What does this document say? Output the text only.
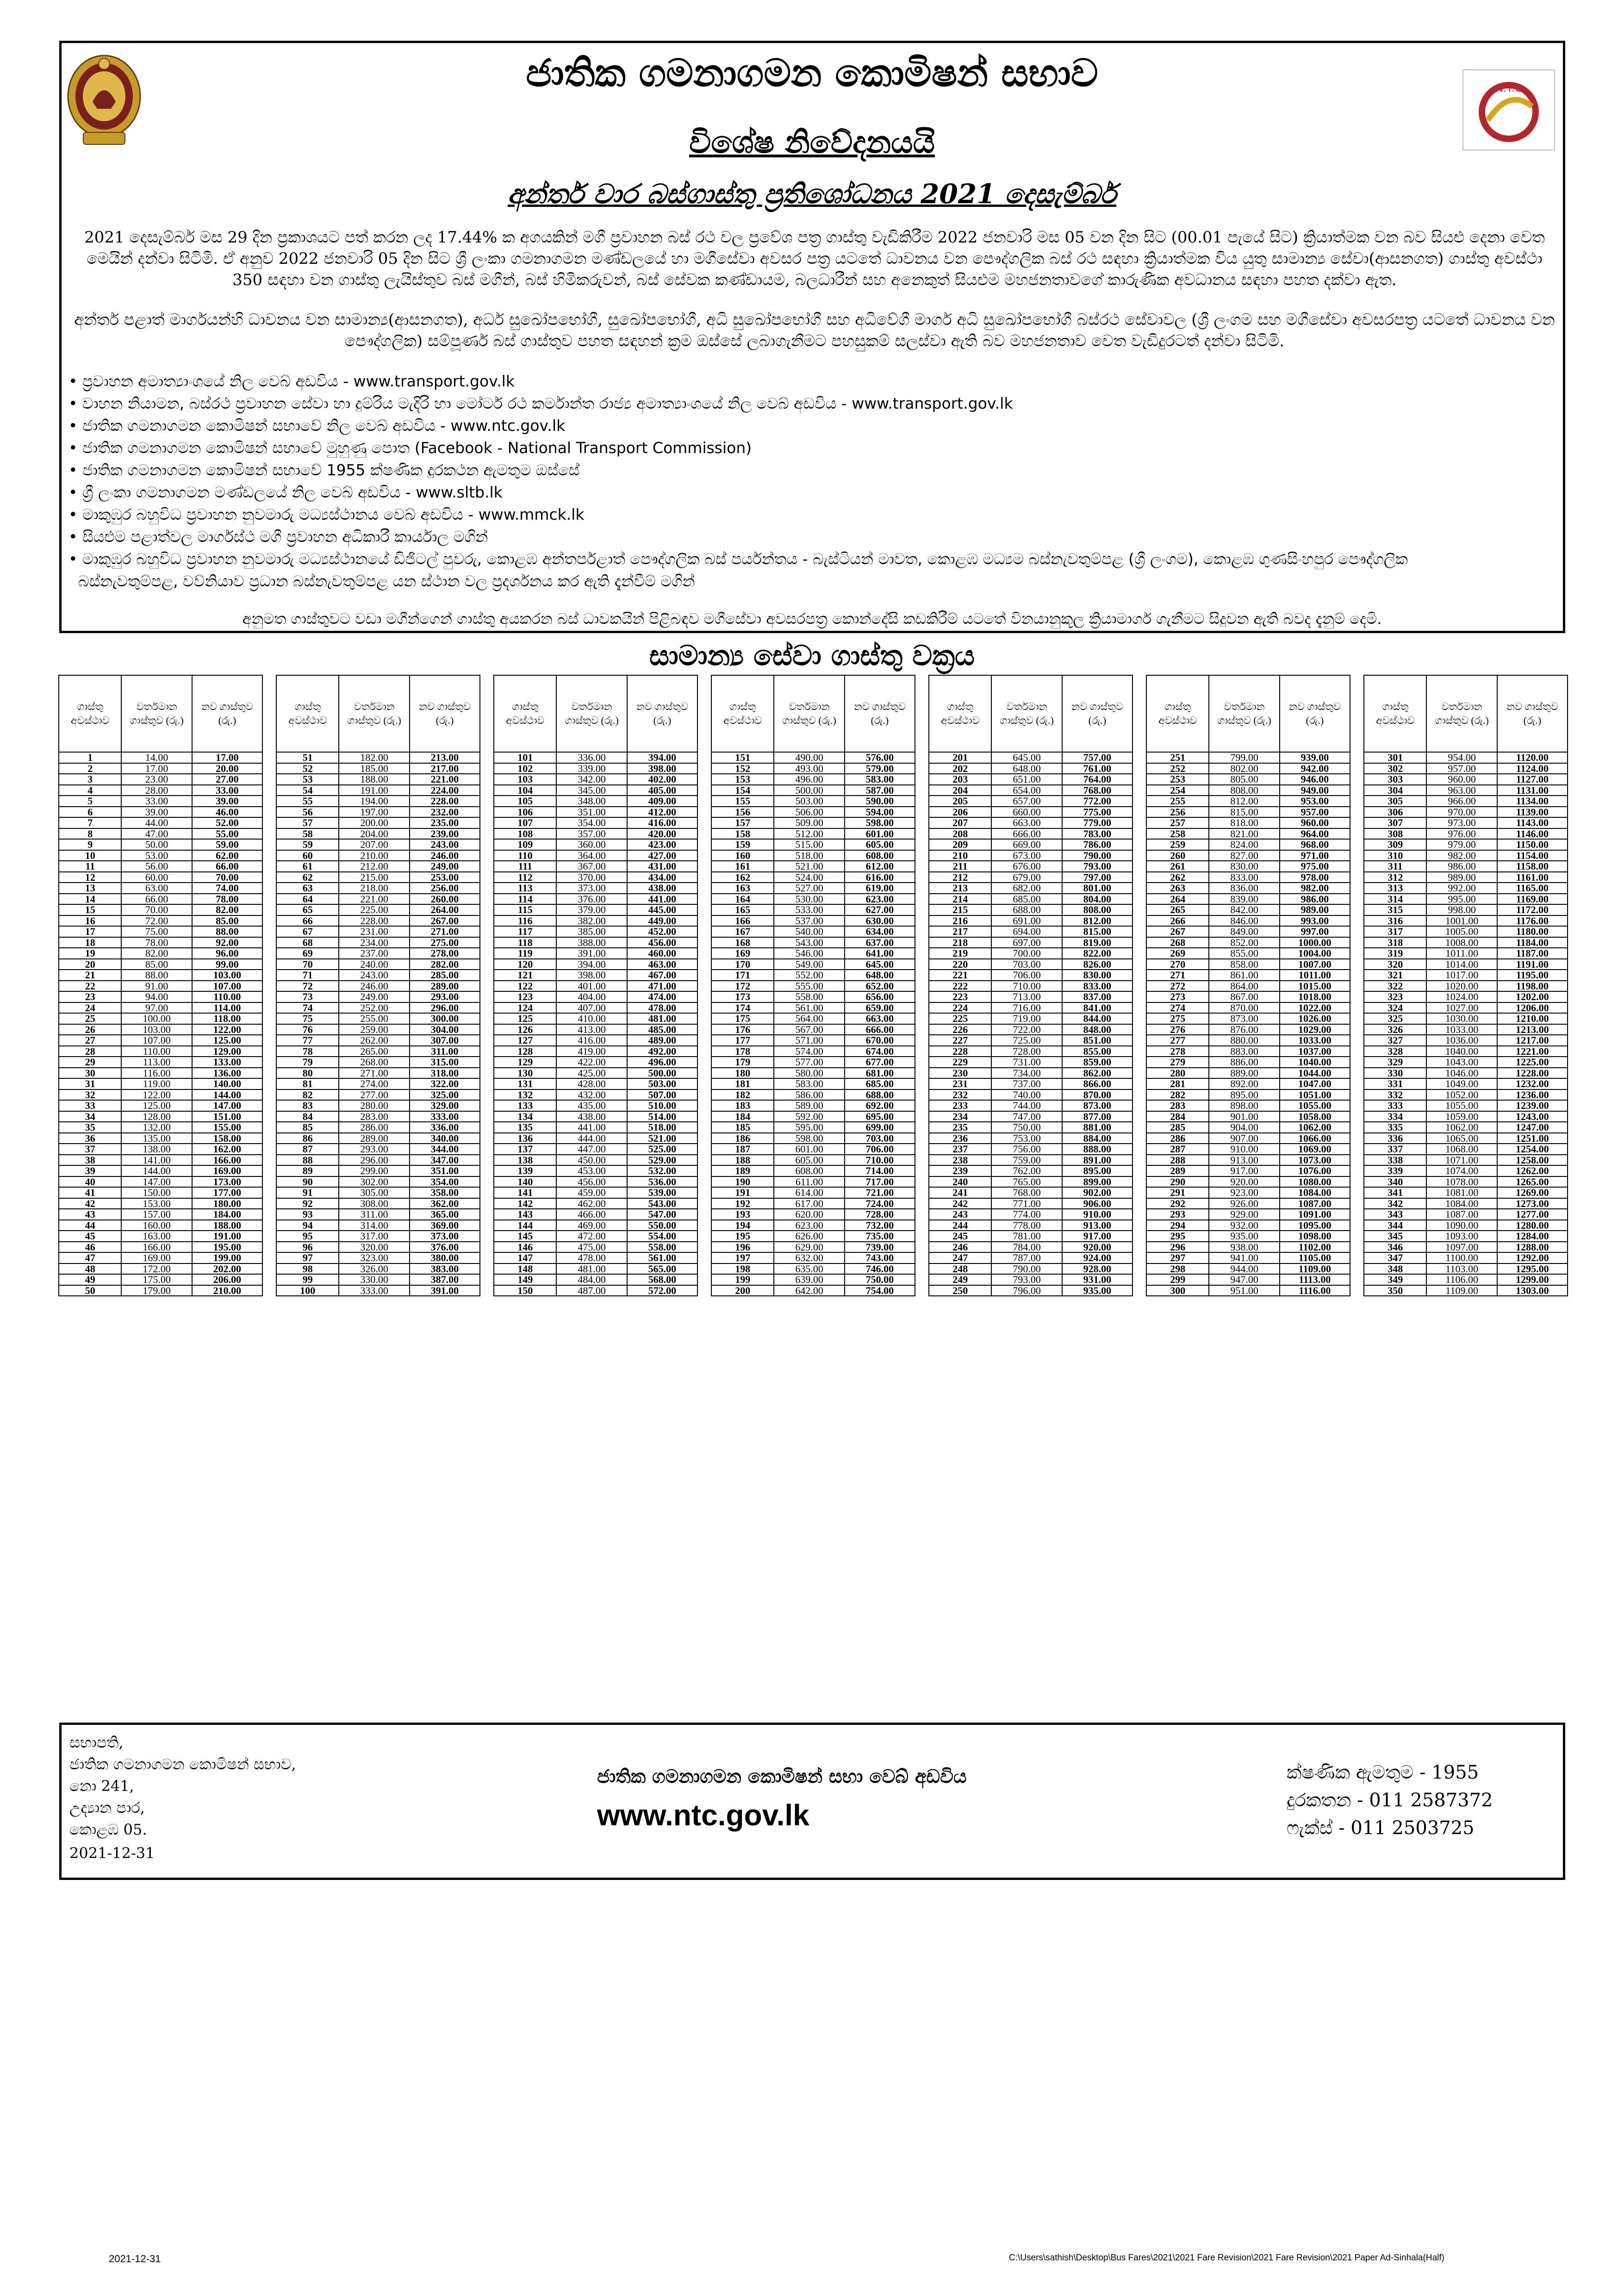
N.T.C
ජාතික ගමනාගමන කොමිෂන් සභාව
විශේෂ නිවේදනයයි
අන්තර් වාර බස්ගාස්තු ප්‍රතිශෝධනය 2021 දෙසැම්බර්
2021 දෙසැම්බර් මස 29 දින ප්‍රකාශයට පත් කරන ලද 17.44% ක අගයකින් මගී ප්‍රවාහන බස් රථ වල ප්‍රවේශ පත්‍ර ගාස්තු වැඩිකිරීම 2022 ජනවාරි මස 05 වන දින සිට (00.01 පැයේ සිට) ක්‍රියාත්මක වන බව සියළු දෙනා වෙත මෙයින් දන්වා සිටිමි. ඒ අනුව 2022 ජනවාරි 05 දින සිට ශ්‍රී ලංකා ගමනාගමන මණ්ඩලයේ හා මගීසේවා අවසර පත්‍ර යටතේ ධාවනය වන පෞද්ගලික බස් රථ සඳහා ක්‍රියාත්මක විය යුතු සාමාන්‍ය සේවා(ආසනගත) ගාස්තු අවස්ථා 350 සඳහා වන ගාස්තු ලැයිස්තුව බස් මගීන්, බස් හිමිකරුවන්, බස් සේවක කණ්ඩායම, බලධාරීන් සහ අනෙකුත් සියළුම මහජනතාවගේ කාරුණික අවධානය සඳහා පහත දක්වා ඇත.
අන්තර් පළාත් මාර්ගයන්හි ධාවනය වන සාමාන්‍ය(ආසනගත), අර්ධ සුඛෝපභෝගී, සුඛෝපභෝගී, අධි සුඛෝපභෝගී සහ අධිවේගී මාර්ග අධි සුඛෝපභෝගී බස්රථ සේවාවල (ශ්‍රී ලංගම සහ මගීසේවා අවසරපත්‍ර යටතේ ධාවනය වන පෞද්ගලික) සම්පූර්ණ බස් ගාස්තුව පහත සඳහන් ක්‍රම ඔස්සේ ලබාගැනීමට පහසුකම් සලස්වා ඇති බව මහජනතාව වෙත වැඩිදුරටත් දන්වා සිටිමි.
• ප්‍රවාහන අමාත්‍යාංශයේ නිල වෙබ් අඩවිය - www.transport.gov.lk
• වාහන නියාමන, බස්රථ ප්‍රවාහන සේවා හා දුම්රිය මැදිරි හා මෝටර් රථ කර්මාන්ත රාජ්‍ය අමාත්‍යාංශයේ නිල වෙබ් අඩවිය - www.transport.gov.lk
• ජාතික ගමනාගමන කොමිෂන් සභාවේ නිල වෙබ් අඩවිය - www.ntc.gov.lk
• ජාතික ගමනාගමන කොමිෂන් සභාවේ මුහුණු පොත (Facebook - National Transport Commission)
• ජාතික ගමනාගමන කොමිෂන් සභාවේ 1955 ක්ෂණික දුරකථන ඇමතුම ඔස්සේ
• ශ්‍රී ලංකා ගමනාගමන මණ්ඩලයේ නිල වෙබ් අඩවිය - www.sltb.lk
• මාකුඹුර බහුවිධ ප්‍රවාහන නුවමාරු මධ්‍යස්ථානය වෙබ් අඩවිය - www.mmck.lk
• සියළුම පළාත්වල මාර්ගස්ථ මගී ප්‍රවාහන අධිකාරී කාර්යාල මගින්
• මාකුඹුර බහුවිධ ප්‍රවාහන නුවමාරු මධ්‍යස්ථානයේ ඩිජිටල් පුවරු, කොළඹ අන්තර්පළාත් පෞද්ගලික බස් පර්යන්තය - බැස්ටියන් මාවත, කොළඹ මධ්‍යම බස්නැවතුම්පළ (ශ්‍රී ලංගම), කොළඹ ගුණසිංහපුර පෞද්ගලික
බස්නැවතුම්පළ, වව්නියාව ප්‍රධාන බස්නැවතුම්පළ යන ස්ථාන වල ප්‍රදර්ශනය කර ඇති දැන්වීම් මගින්
අනුමත ගාස්තුවට වඩා මගීන්ගෙන් ගාස්තු අයකරන බස් ධාවකයින් පිළිබඳව මගීසේවා අවසරපත්‍ර කොන්දේසි කඩකිරීම් යටතේ විනයානුකූල ක්‍රියාමාර්ග ගැනීමට සිදුවන ඇති බවද දැනුම් දෙමි.
සාමාන්‍ය සේවා ගාස්තු වක්‍රය
ගාස්තු අවස්ථාව	වර්තමාන ගාස්තුව (රු.)	නව ගාස්තුව (රු.)
1	14.00	17.00
2	17.00	20.00
3	23.00	27.00
4	28.00	33.00
5	33.00	39.00
6	39.00	46.00
7	44.00	52.00
8	47.00	55.00
9	50.00	59.00
10	53.00	62.00
11	56.00	66.00
12	60.00	70.00
13	63.00	74.00
14	66.00	78.00
15	70.00	82.00
16	72.00	85.00
17	75.00	88.00
18	78.00	92.00
19	82.00	96.00
20	85.00	99.00
21	88.00	103.00
22	91.00	107.00
23	94.00	110.00
24	97.00	114.00
25	100.00	118.00
26	103.00	122.00
27	107.00	125.00
28	110.00	129.00
29	113.00	133.00
30	116.00	136.00
31	119.00	140.00
32	122.00	144.00
33	125.00	147.00
34	128.00	151.00
35	132.00	155.00
36	135.00	158.00
37	138.00	162.00
38	141.00	166.00
39	144.00	169.00
40	147.00	173.00
41	150.00	177.00
42	153.00	180.00
43	157.00	184.00
44	160.00	188.00
45	163.00	191.00
46	166.00	195.00
47	169.00	199.00
48	172.00	202.00
49	175.00	206.00
50	179.00	210.00
ගාස්තු අවස්ථාව	වර්තමාන ගාස්තුව (රු.)	නව ගාස්තුව (රු.)
51	182.00	213.00
52	185.00	217.00
53	188.00	221.00
54	191.00	224.00
55	194.00	228.00
56	197.00	232.00
57	200.00	235.00
58	204.00	239.00
59	207.00	243.00
60	210.00	246.00
61	212.00	249.00
62	215.00	253.00
63	218.00	256.00
64	221.00	260.00
65	225.00	264.00
66	228.00	267.00
67	231.00	271.00
68	234.00	275.00
69	237.00	278.00
70	240.00	282.00
71	243.00	285.00
72	246.00	289.00
73	249.00	293.00
74	252.00	296.00
75	255.00	300.00
76	259.00	304.00
77	262.00	307.00
78	265.00	311.00
79	268.00	315.00
80	271.00	318.00
81	274.00	322.00
82	277.00	325.00
83	280.00	329.00
84	283.00	333.00
85	286.00	336.00
86	289.00	340.00
87	293.00	344.00
88	296.00	347.00
89	299.00	351.00
90	302.00	354.00
91	305.00	358.00
92	308.00	362.00
93	311.00	365.00
94	314.00	369.00
95	317.00	373.00
96	320.00	376.00
97	323.00	380.00
98	326.00	383.00
99	330.00	387.00
100	333.00	391.00
ගාස්තු අවස්ථාව	වර්තමාන ගාස්තුව (රු.)	නව ගාස්තුව (රු.)
101	336.00	394.00
102	339.00	398.00
103	342.00	402.00
104	345.00	405.00
105	348.00	409.00
106	351.00	412.00
107	354.00	416.00
108	357.00	420.00
109	360.00	423.00
110	364.00	427.00
111	367.00	431.00
112	370.00	434.00
113	373.00	438.00
114	376.00	441.00
115	379.00	445.00
116	382.00	449.00
117	385.00	452.00
118	388.00	456.00
119	391.00	460.00
120	394.00	463.00
121	398.00	467.00
122	401.00	471.00
123	404.00	474.00
124	407.00	478.00
125	410.00	481.00
126	413.00	485.00
127	416.00	489.00
128	419.00	492.00
129	422.00	496.00
130	425.00	500.00
131	428.00	503.00
132	432.00	507.00
133	435.00	510.00
134	438.00	514.00
135	441.00	518.00
136	444.00	521.00
137	447.00	525.00
138	450.00	529.00
139	453.00	532.00
140	456.00	536.00
141	459.00	539.00
142	462.00	543.00
143	466.00	547.00
144	469.00	550.00
145	472.00	554.00
146	475.00	558.00
147	478.00	561.00
148	481.00	565.00
149	484.00	568.00
150	487.00	572.00
ගාස්තු අවස්ථාව	වර්තමාන ගාස්තුව (රු.)	නව ගාස්තුව (රු.)
151	490.00	576.00
152	493.00	579.00
153	496.00	583.00
154	500.00	587.00
155	503.00	590.00
156	506.00	594.00
157	509.00	598.00
158	512.00	601.00
159	515.00	605.00
160	518.00	608.00
161	521.00	612.00
162	524.00	616.00
163	527.00	619.00
164	530.00	623.00
165	533.00	627.00
166	537.00	630.00
167	540.00	634.00
168	543.00	637.00
169	546.00	641.00
170	549.00	645.00
171	552.00	648.00
172	555.00	652.00
173	558.00	656.00
174	561.00	659.00
175	564.00	663.00
176	567.00	666.00
177	571.00	670.00
178	574.00	674.00
179	577.00	677.00
180	580.00	681.00
181	583.00	685.00
182	586.00	688.00
183	589.00	692.00
184	592.00	695.00
185	595.00	699.00
186	598.00	703.00
187	601.00	706.00
188	605.00	710.00
189	608.00	714.00
190	611.00	717.00
191	614.00	721.00
192	617.00	724.00
193	620.00	728.00
194	623.00	732.00
195	626.00	735.00
196	629.00	739.00
197	632.00	743.00
198	635.00	746.00
199	639.00	750.00
200	642.00	754.00
ගාස්තු අවස්ථාව	වර්තමාන ගාස්තුව (රු.)	නව ගාස්තුව (රු.)
201	645.00	757.00
202	648.00	761.00
203	651.00	764.00
204	654.00	768.00
205	657.00	772.00
206	660.00	775.00
207	663.00	779.00
208	666.00	783.00
209	669.00	786.00
210	673.00	790.00
211	676.00	793.00
212	679.00	797.00
213	682.00	801.00
214	685.00	804.00
215	688.00	808.00
216	691.00	812.00
217	694.00	815.00
218	697.00	819.00
219	700.00	822.00
220	703.00	826.00
221	706.00	830.00
222	710.00	833.00
223	713.00	837.00
224	716.00	841.00
225	719.00	844.00
226	722.00	848.00
227	725.00	851.00
228	728.00	855.00
229	731.00	859.00
230	734.00	862.00
231	737.00	866.00
232	740.00	870.00
233	744.00	873.00
234	747.00	877.00
235	750.00	881.00
236	753.00	884.00
237	756.00	888.00
238	759.00	891.00
239	762.00	895.00
240	765.00	899.00
241	768.00	902.00
242	771.00	906.00
243	774.00	910.00
244	778.00	913.00
245	781.00	917.00
246	784.00	920.00
247	787.00	924.00
248	790.00	928.00
249	793.00	931.00
250	796.00	935.00
ගාස්තු අවස්ථාව	වර්තමාන ගාස්තුව (රු.)	නව ගාස්තුව (රු.)
251	799.00	939.00
252	802.00	942.00
253	805.00	946.00
254	808.00	949.00
255	812.00	953.00
256	815.00	957.00
257	818.00	960.00
258	821.00	964.00
259	824.00	968.00
260	827.00	971.00
261	830.00	975.00
262	833.00	978.00
263	836.00	982.00
264	839.00	986.00
265	842.00	989.00
266	846.00	993.00
267	849.00	997.00
268	852.00	1000.00
269	855.00	1004.00
270	858.00	1007.00
271	861.00	1011.00
272	864.00	1015.00
273	867.00	1018.00
274	870.00	1022.00
275	873.00	1026.00
276	876.00	1029.00
277	880.00	1033.00
278	883.00	1037.00
279	886.00	1040.00
280	889.00	1044.00
281	892.00	1047.00
282	895.00	1051.00
283	898.00	1055.00
284	901.00	1058.00
285	904.00	1062.00
286	907.00	1066.00
287	910.00	1069.00
288	913.00	1073.00
289	917.00	1076.00
290	920.00	1080.00
291	923.00	1084.00
292	926.00	1087.00
293	929.00	1091.00
294	932.00	1095.00
295	935.00	1098.00
296	938.00	1102.00
297	941.00	1105.00
298	944.00	1109.00
299	947.00	1113.00
300	951.00	1116.00
ගාස්තු අවස්ථාව	වර්තමාන ගාස්තුව (රු.)	නව ගාස්තුව (රු.)
301	954.00	1120.00
302	957.00	1124.00
303	960.00	1127.00
304	963.00	1131.00
305	966.00	1134.00
306	970.00	1139.00
307	973.00	1143.00
308	976.00	1146.00
309	979.00	1150.00
310	982.00	1154.00
311	986.00	1158.00
312	989.00	1161.00
313	992.00	1165.00
314	995.00	1169.00
315	998.00	1172.00
316	1001.00	1176.00
317	1005.00	1180.00
318	1008.00	1184.00
319	1011.00	1187.00
320	1014.00	1191.00
321	1017.00	1195.00
322	1020.00	1198.00
323	1024.00	1202.00
324	1027.00	1206.00
325	1030.00	1210.00
326	1033.00	1213.00
327	1036.00	1217.00
328	1040.00	1221.00
329	1043.00	1225.00
330	1046.00	1228.00
331	1049.00	1232.00
332	1052.00	1236.00
333	1055.00	1239.00
334	1059.00	1243.00
335	1062.00	1247.00
336	1065.00	1251.00
337	1068.00	1254.00
338	1071.00	1258.00
339	1074.00	1262.00
340	1078.00	1265.00
341	1081.00	1269.00
342	1084.00	1273.00
343	1087.00	1277.00
344	1090.00	1280.00
345	1093.00	1284.00
346	1097.00	1288.00
347	1100.00	1292.00
348	1103.00	1295.00
349	1106.00	1299.00
350	1109.00	1303.00
සභාපති,
ජාතික ගමනාගමන කොමිෂන් සභාව,
නො 241,
උද්‍යාන පාර,
කොළඹ 05.
2021-12-31
ජාතික ගමනාගමන කොමිෂන් සභා වෙබ් අඩවිය
www.ntc.gov.lk
ක්ෂණික ඇමතුම - 1955
දුරකතන - 011 2587372
ෆැක්ස් - 011 2503725
2021-12-31	C:\Users\sathish\Desktop\Bus Fares\2021\2021 Fare Revision\2021 Fare Revision\2021 Paper Ad-Sinhala(Half)
